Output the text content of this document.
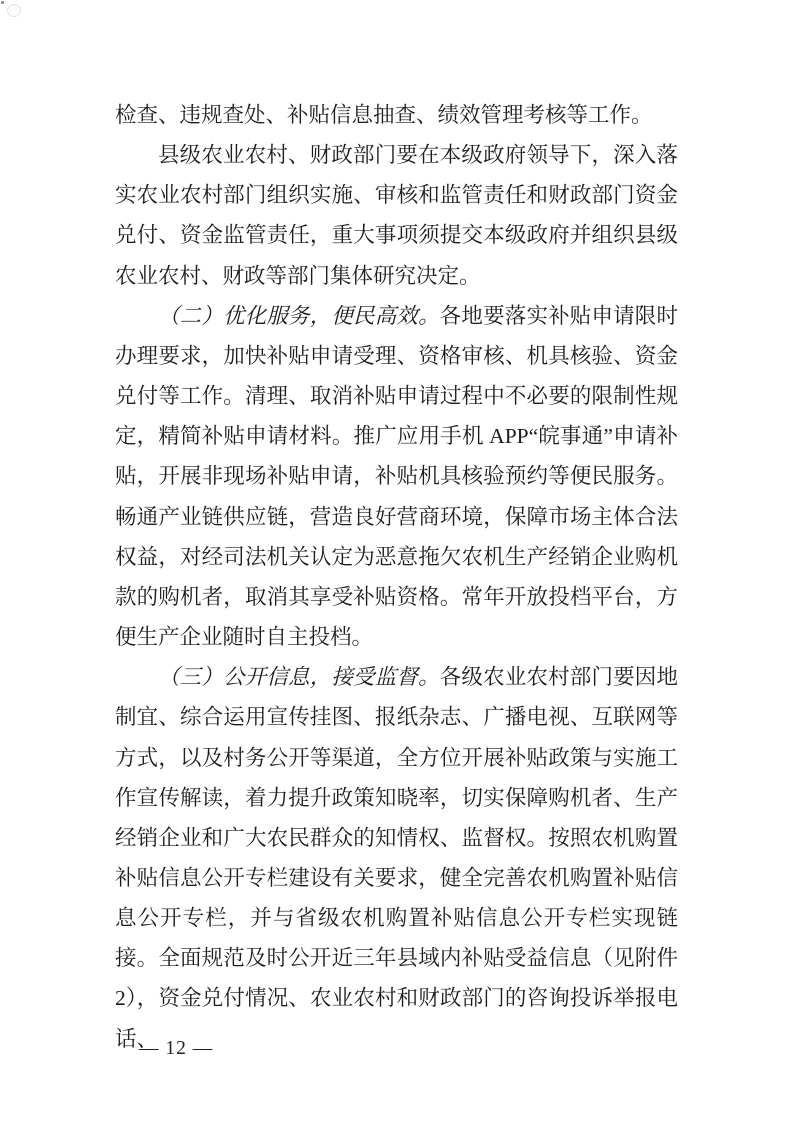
检查、违规查处、补贴信息抽查、绩效管理考核等工作。

县级农业农村、财政部门要在本级政府领导下，深入落实农业农村部门组织实施、审核和监管责任和财政部门资金兑付、资金监管责任，重大事项须提交本级政府并组织县级农业农村、财政等部门集体研究决定。

（二）优化服务，便民高效。各地要落实补贴申请限时办理要求，加快补贴申请受理、资格审核、机具核验、资金兑付等工作。清理、取消补贴申请过程中不必要的限制性规定，精简补贴申请材料。推广应用手机 APP“皖事通”申请补贴，开展非现场补贴申请，补贴机具核验预约等便民服务。畅通产业链供应链，营造良好营商环境，保障市场主体合法权益，对经司法机关认定为恶意拖欠农机生产经销企业购机款的购机者，取消其享受补贴资格。常年开放投档平台，方便生产企业随时自主投档。

（三）公开信息，接受监督。各级农业农村部门要因地制宜、综合运用宣传挂图、报纸杂志、广播电视、互联网等方式，以及村务公开等渠道，全方位开展补贴政策与实施工作宣传解读，着力提升政策知晓率，切实保障购机者、生产经销企业和广大农民群众的知情权、监督权。按照农机购置补贴信息公开专栏建设有关要求，健全完善农机购置补贴信息公开专栏，并与省级农机购置补贴信息公开专栏实现链接。全面规范及时公开近三年县域内补贴受益信息（见附件 2），资金兑付情况、农业农村和财政部门的咨询投诉举报电话、

— 12 —
